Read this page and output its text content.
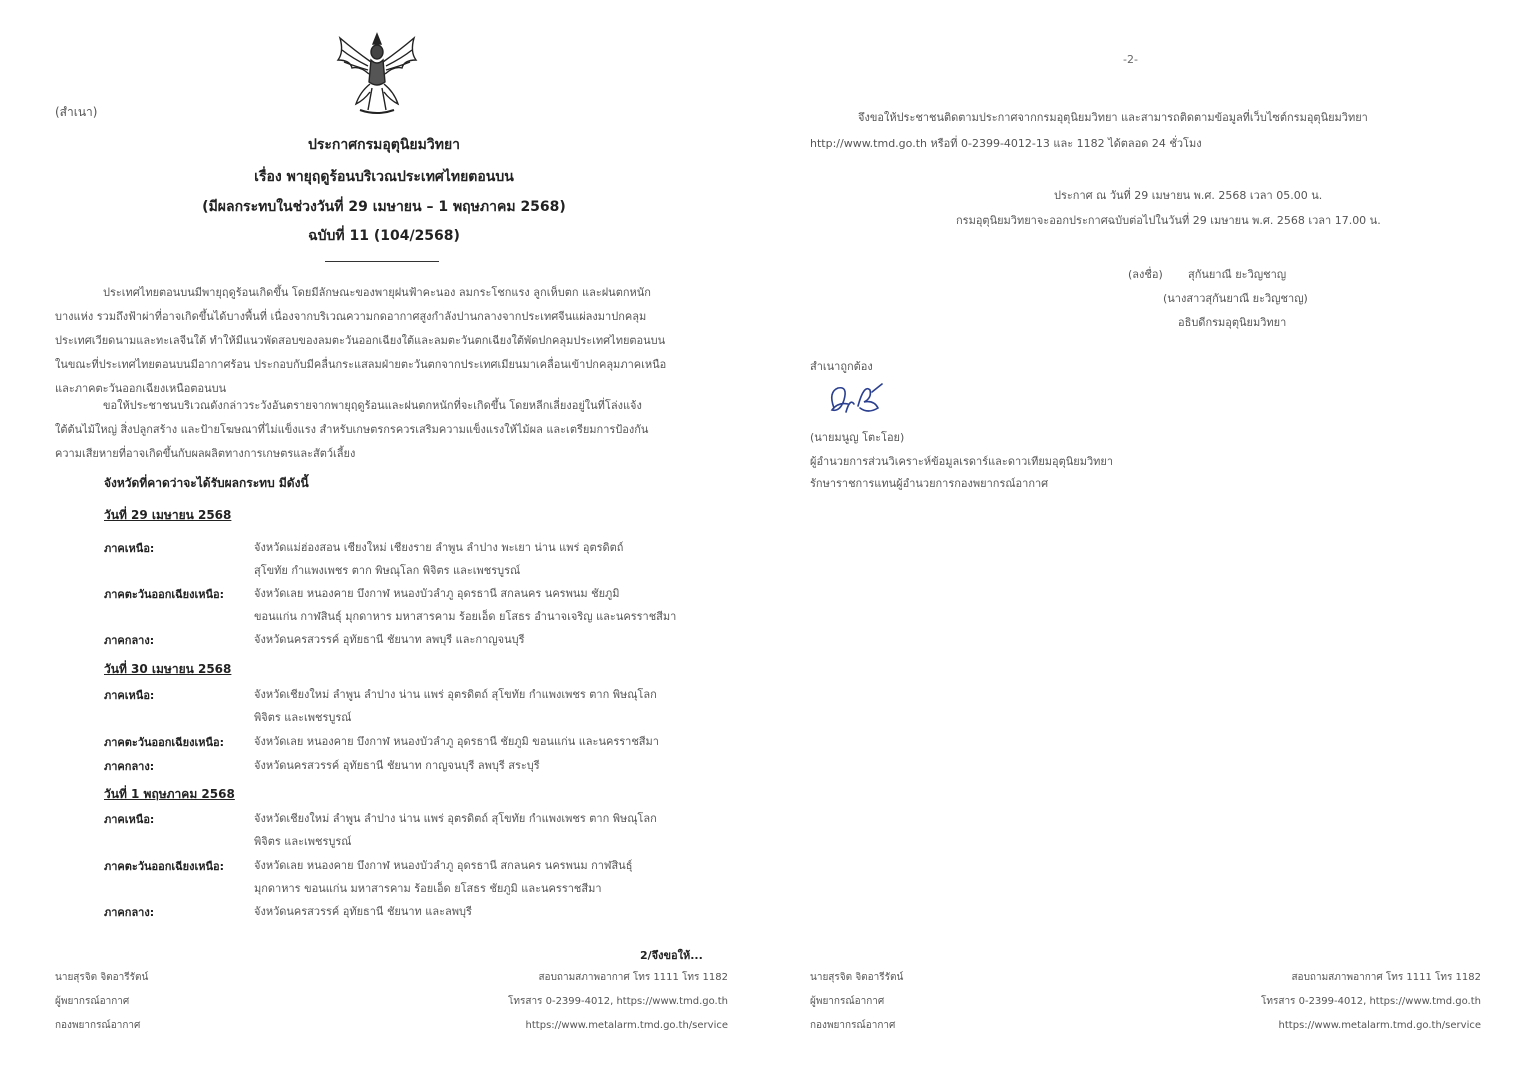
(สำเนา)
ประกาศกรมอุตุนิยมวิทยา
เรื่อง พายุฤดูร้อนบริเวณประเทศไทยตอนบน
(มีผลกระทบในช่วงวันที่ 29 เมษายน – 1 พฤษภาคม 2568)
ฉบับที่ 11 (104/2568)
ประเทศไทยตอนบนมีพายุฤดูร้อนเกิดขึ้น โดยมีลักษณะของพายุฝนฟ้าคะนอง ลมกระโชกแรง ลูกเห็บตก และฝนตกหนัก
บางแห่ง รวมถึงฟ้าผ่าที่อาจเกิดขึ้นได้บางพื้นที่ เนื่องจากบริเวณความกดอากาศสูงกำลังปานกลางจากประเทศจีนแผ่ลงมาปกคลุม
ประเทศเวียดนามและทะเลจีนใต้ ทำให้มีแนวพัดสอบของลมตะวันออกเฉียงใต้และลมตะวันตกเฉียงใต้พัดปกคลุมประเทศไทยตอนบน
ในขณะที่ประเทศไทยตอนบนมีอากาศร้อน ประกอบกับมีคลื่นกระแสลมฝ่ายตะวันตกจากประเทศเมียนมาเคลื่อนเข้าปกคลุมภาคเหนือ
และภาคตะวันออกเฉียงเหนือตอนบน
ขอให้ประชาชนบริเวณดังกล่าวระวังอันตรายจากพายุฤดูร้อนและฝนตกหนักที่จะเกิดขึ้น โดยหลีกเลี่ยงอยู่ในที่โล่งแจ้ง
ใต้ต้นไม้ใหญ่ สิ่งปลูกสร้าง และป้ายโฆษณาที่ไม่แข็งแรง สำหรับเกษตรกรควรเสริมความแข็งแรงให้ไม้ผล และเตรียมการป้องกัน
ความเสียหายที่อาจเกิดขึ้นกับผลผลิตทางการเกษตรและสัตว์เลี้ยง
จังหวัดที่คาดว่าจะได้รับผลกระทบ มีดังนี้
วันที่ 29 เมษายน 2568
ภาคเหนือ:	จังหวัดแม่ฮ่องสอน เชียงใหม่ เชียงราย ลำพูน ลำปาง พะเยา น่าน แพร่ อุตรดิตถ์
สุโขทัย กำแพงเพชร ตาก พิษณุโลก พิจิตร และเพชรบูรณ์
ภาคตะวันออกเฉียงเหนือ:	จังหวัดเลย หนองคาย บึงกาฬ หนองบัวลำภู อุดรธานี สกลนคร นครพนม ชัยภูมิ
ขอนแก่น กาฬสินธุ์ มุกดาหาร มหาสารคาม ร้อยเอ็ด ยโสธร อำนาจเจริญ และนครราชสีมา
ภาคกลาง:	จังหวัดนครสวรรค์ อุทัยธานี ชัยนาท ลพบุรี และกาญจนบุรี
วันที่ 30 เมษายน 2568
ภาคเหนือ:	จังหวัดเชียงใหม่ ลำพูน ลำปาง น่าน แพร่ อุตรดิตถ์ สุโขทัย กำแพงเพชร ตาก พิษณุโลก
พิจิตร และเพชรบูรณ์
ภาคตะวันออกเฉียงเหนือ:	จังหวัดเลย หนองคาย บึงกาฬ หนองบัวลำภู อุดรธานี ชัยภูมิ ขอนแก่น และนครราชสีมา
ภาคกลาง:	จังหวัดนครสวรรค์ อุทัยธานี ชัยนาท กาญจนบุรี ลพบุรี สระบุรี
วันที่ 1 พฤษภาคม 2568
ภาคเหนือ:	จังหวัดเชียงใหม่ ลำพูน ลำปาง น่าน แพร่ อุตรดิตถ์ สุโขทัย กำแพงเพชร ตาก พิษณุโลก
พิจิตร และเพชรบูรณ์
ภาคตะวันออกเฉียงเหนือ:	จังหวัดเลย หนองคาย บึงกาฬ หนองบัวลำภู อุดรธานี สกลนคร นครพนม กาฬสินธุ์
มุกดาหาร ขอนแก่น มหาสารคาม ร้อยเอ็ด ยโสธร ชัยภูมิ และนครราชสีมา
ภาคกลาง:	จังหวัดนครสวรรค์ อุทัยธานี ชัยนาท และลพบุรี
2/จึงขอให้...
นายสุรจิต จิตอารีรัตน์
ผู้พยากรณ์อากาศ
กองพยากรณ์อากาศ
สอบถามสภาพอากาศ โทร 1111 โทร 1182
โทรสาร 0-2399-4012, https://www.tmd.go.th
https://www.metalarm.tmd.go.th/service
-2-
จึงขอให้ประชาชนติดตามประกาศจากกรมอุตุนิยมวิทยา และสามารถติดตามข้อมูลที่เว็บไซต์กรมอุตุนิยมวิทยา
http://www.tmd.go.th หรือที่ 0-2399-4012-13 และ 1182 ได้ตลอด 24 ชั่วโมง
ประกาศ ณ วันที่ 29 เมษายน พ.ศ. 2568 เวลา 05.00 น.
กรมอุตุนิยมวิทยาจะออกประกาศฉบับต่อไปในวันที่ 29 เมษายน พ.ศ. 2568 เวลา 17.00 น.
(ลงชื่อ) สุกันยาณี ยะวิญชาญ
(นางสาวสุกันยาณี ยะวิญชาญ)
อธิบดีกรมอุตุนิยมวิทยา
สำเนาถูกต้อง
(นายมนูญ โตะโอย)
ผู้อำนวยการส่วนวิเคราะห์ข้อมูลเรดาร์และดาวเทียมอุตุนิยมวิทยา
รักษาราชการแทนผู้อำนวยการกองพยากรณ์อากาศ
นายสุรจิต จิตอารีรัตน์
ผู้พยากรณ์อากาศ
กองพยากรณ์อากาศ
สอบถามสภาพอากาศ โทร 1111 โทร 1182
โทรสาร 0-2399-4012, https://www.tmd.go.th
https://www.metalarm.tmd.go.th/service
